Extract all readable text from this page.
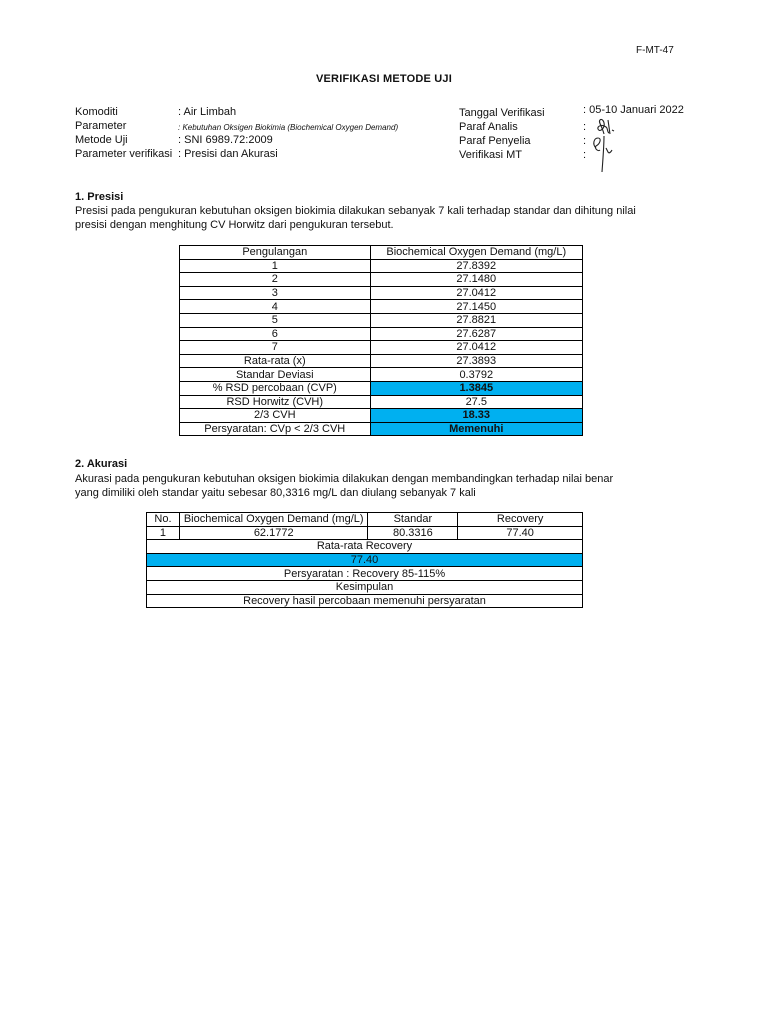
F-MT-47
VERIFIKASI METODE UJI
Komoditi	: Air Limbah
Parameter	: Kebutuhan Oksigen Biokimia (Biochemical Oxygen Demand)
Metode Uji	: SNI 6989.72:2009
Parameter verifikasi : Presisi dan Akurasi
Tanggal Verifikasi	: 05-10 Januari 2022
Paraf Analis	:
Paraf Penyelia	:
Verifikasi MT	:
1. Presisi
Presisi pada pengukuran kebutuhan oksigen biokimia dilakukan sebanyak 7 kali terhadap standar dan dihitung nilai
presisi dengan menghitung CV Horwitz dari pengukuran tersebut.
Pengulangan	Biochemical Oxygen Demand (mg/L)
1	27.8392
2	27.1480
3	27.0412
4	27.1450
5	27.8821
6	27.6287
7	27.0412
Rata-rata (x)	27.3893
Standar Deviasi	0.3792
% RSD percobaan (CVP)	1.3845
RSD Horwitz (CVH)	27.5
2/3 CVH	18.33
Persyaratan: CVp < 2/3 CVH	Memenuhi
2. Akurasi
Akurasi pada pengukuran kebutuhan oksigen biokimia dilakukan dengan membandingkan terhadap nilai benar
yang dimiliki oleh standar yaitu sebesar 80,3316 mg/L dan diulang sebanyak 7 kali
No.	Biochemical Oxygen Demand (mg/L)	Standar	Recovery
1	62.1772	80.3316	77.40
Rata-rata Recovery			
77.40			
Persyaratan : Recovery 85-115%			
Kesimpulan			
Recovery hasil percobaan memenuhi persyaratan			
